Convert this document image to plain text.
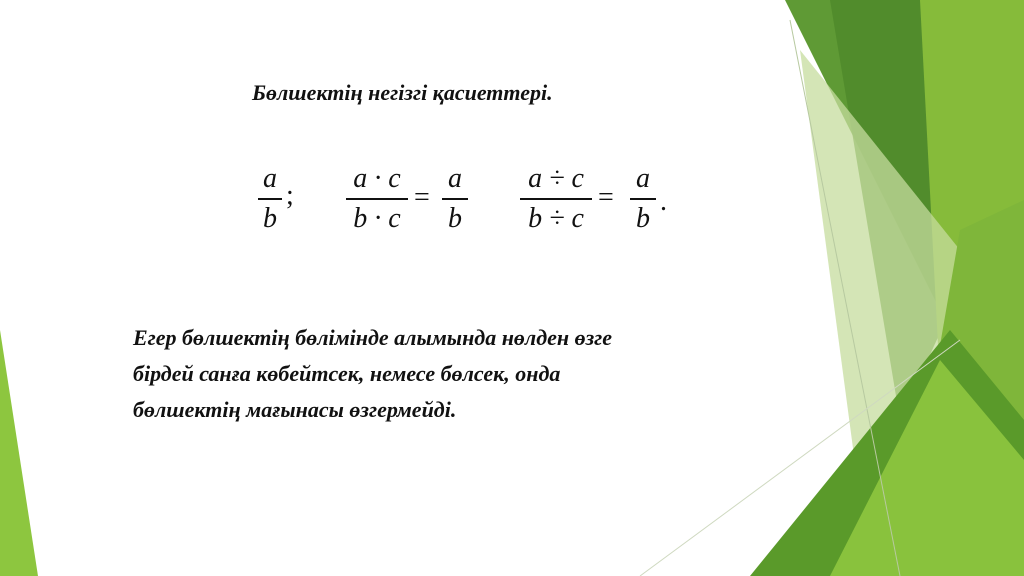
Бөлшектің негізгі қасиеттері.
a
b
;
a · c
b · c
=
a
b
a ÷ c
b ÷ c
=
a
b
.
Егер бөлшектің бөлімінде алымында нөлден өзге
бірдей санға көбейтсек, немесе бөлсек, онда
бөлшектің мағынасы өзгермейді.
